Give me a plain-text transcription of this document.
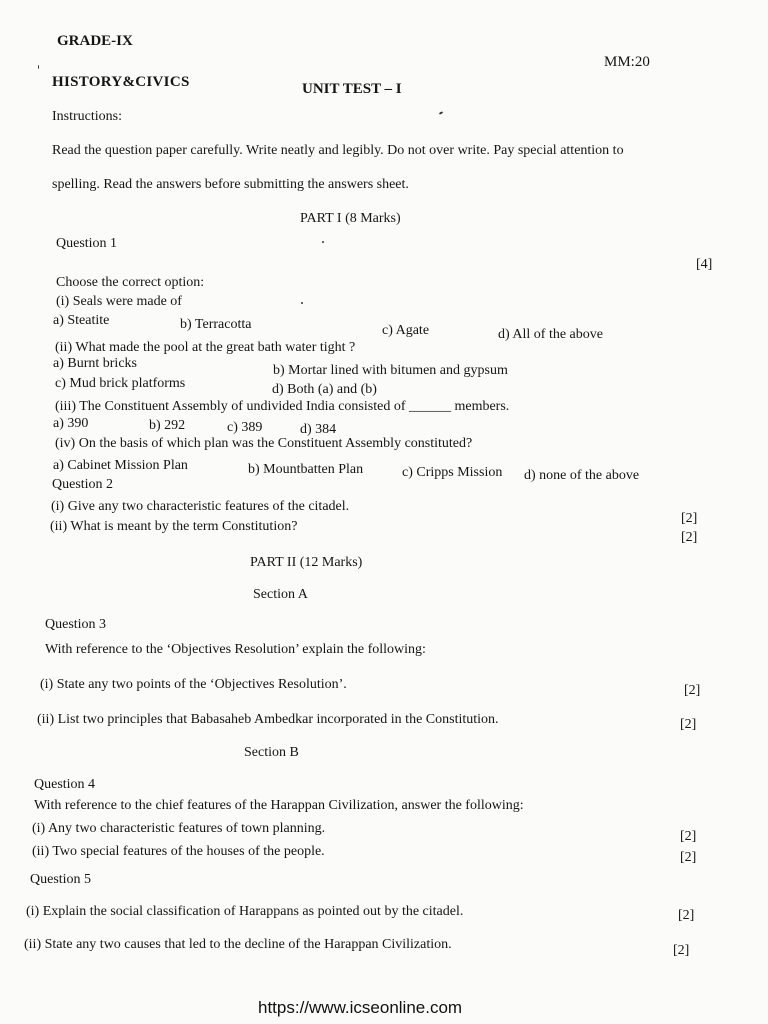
GRADE-IX
MM:20
HISTORY&CIVICS	UNIT TEST – I
Instructions:
Read the question paper carefully. Write neatly and legibly. Do not over write. Pay special attention to
spelling. Read the answers before submitting the answers sheet.
PART I (8 Marks)
Question 1
[4]
Choose the correct option:
(i) Seals were made of
a) Steatite	b) Terracotta	c) Agate	d) All of the above
(ii) What made the pool at the great bath water tight ?
a) Burnt bricks	b) Mortar lined with bitumen and gypsum
c) Mud brick platforms	d) Both (a) and (b)
(iii) The Constituent Assembly of undivided India consisted of ______ members.
a) 390	b) 292	c) 389	d) 384
(iv) On the basis of which plan was the Constituent Assembly constituted?
a) Cabinet Mission Plan	b) Mountbatten Plan	c) Cripps Mission d) none of the above
Question 2
(i) Give any two characteristic features of the citadel.
[2]
(ii) What is meant by the term Constitution?
[2]
PART II (12 Marks)
Section A
Question 3
With reference to the ‘Objectives Resolution’ explain the following:
(i) State any two points of the ‘Objectives Resolution’.	[2]
(ii) List two principles that Babasaheb Ambedkar incorporated in the Constitution.	[2]
Section B
Question 4
With reference to the chief features of the Harappan Civilization, answer the following:
(i) Any two characteristic features of town planning.
[2]
(ii) Two special features of the houses of the people.	[2]
Question 5
(i) Explain the social classification of Harappans as pointed out by the citadel.	[2]
(ii) State any two causes that led to the decline of the Harappan Civilization.	[2]
https://www.icseonline.com
